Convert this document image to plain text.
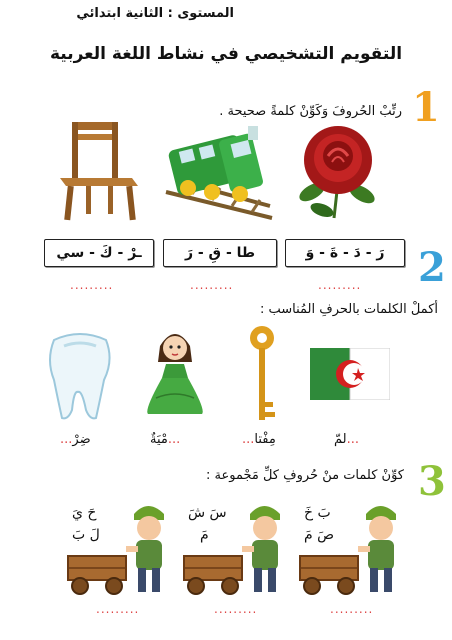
المستوى : الثانية ابتدائي
التقويم التشخيصي في نشاط اللغة العربية
1
رتِّبْ الحُروفَ وَكَوِّنْ كلمةً صحيحة .
رَ - دَ - ةَ - وَ
طا - قِ - رَ
ـرْ - كَ - سي
.........
.........
.........	2
أكملْ الكلمات بالحرفِ المُناسب :
...لمّ
مِفْتا...
...مْيَةٌ
ضِرْ...
3
كوِّنْ كلمات منْ حُروفِ كلِّ مَجْموعة :
بَ خَ
صَ مَ
سَ شَ
مَ
حَ يَ
لَ بَ
.........
.........
.........
